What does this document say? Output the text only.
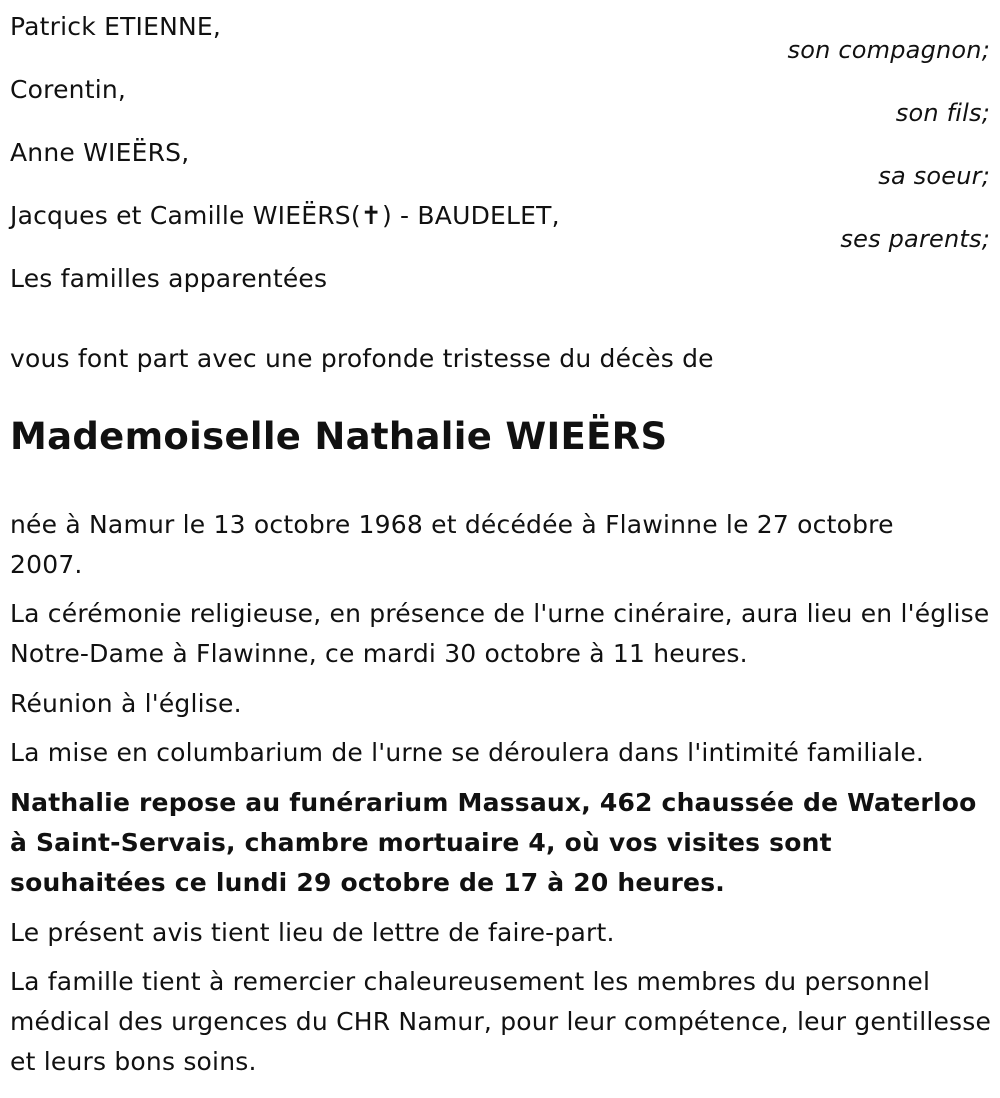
Patrick ETIENNE,
son compagnon;
Corentin,
son fils;
Anne WIEËRS,
sa soeur;
Jacques et Camille WIEËRS(✝) - BAUDELET,
ses parents;
Les familles apparentées
vous font part avec une profonde tristesse du décès de
Mademoiselle Nathalie WIEËRS
née à Namur le 13 octobre 1968 et décédée à Flawinne le 27 octobre 2007.
La cérémonie religieuse, en présence de l'urne cinéraire, aura lieu en l'église Notre-Dame à Flawinne, ce mardi 30 octobre à 11 heures.
Réunion à l'église.
La mise en columbarium de l'urne se déroulera dans l'intimité familiale.
Nathalie repose au funérarium Massaux, 462 chaussée de Waterloo à Saint-Servais, chambre mortuaire 4, où vos visites sont souhaitées ce lundi 29 octobre de 17 à 20 heures.
Le présent avis tient lieu de lettre de faire-part.
La famille tient à remercier chaleureusement les membres du personnel médical des urgences du CHR Namur, pour leur compétence, leur gentillesse et leurs bons soins.
